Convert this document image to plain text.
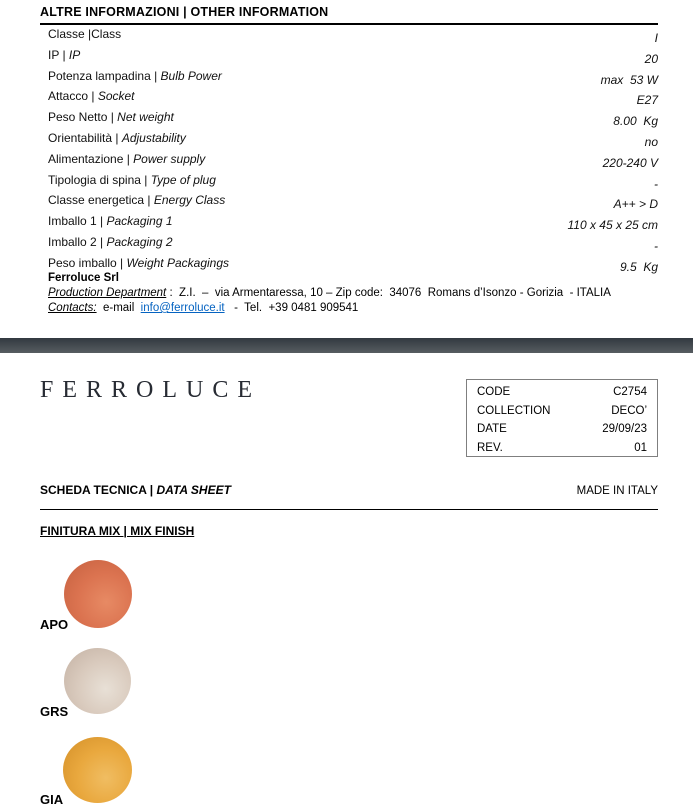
ALTRE INFORMAZIONI | OTHER INFORMATION
Classe |Class	I
IP | IP	20
Potenza lampadina | Bulb Power	max  53 W
Attacco | Socket	E27
Peso Netto | Net weight	8.00  Kg
Orientabilità | Adjustability	no
Alimentazione | Power supply	220-240 V
Tipologia di spina | Type of plug	-
Classe energetica | Energy Class	A++ > D
Imballo 1 | Packaging 1	110 x 45 x 25 cm
Imballo 2 | Packaging 2	-
Peso imballo | Weight Packagings	9.5  Kg
Ferroluce Srl
Production Department :  Z.I.  –  via Armentaressa, 10 – Zip code:  34076  Romans d’Isonzo - Gorizia  - ITALIA
Contacts:  e-mail  info@ferroluce.it   -  Tel.  +39 0481 909541
FERROLUCE	CODE	C2754
COLLECTION	DECO’
DATE	29/09/23
REV.	01
SCHEDA TECNICA | DATA SHEET	MADE IN ITALY
FINITURA MIX | MIX FINISH
APO
GRS
GIA
